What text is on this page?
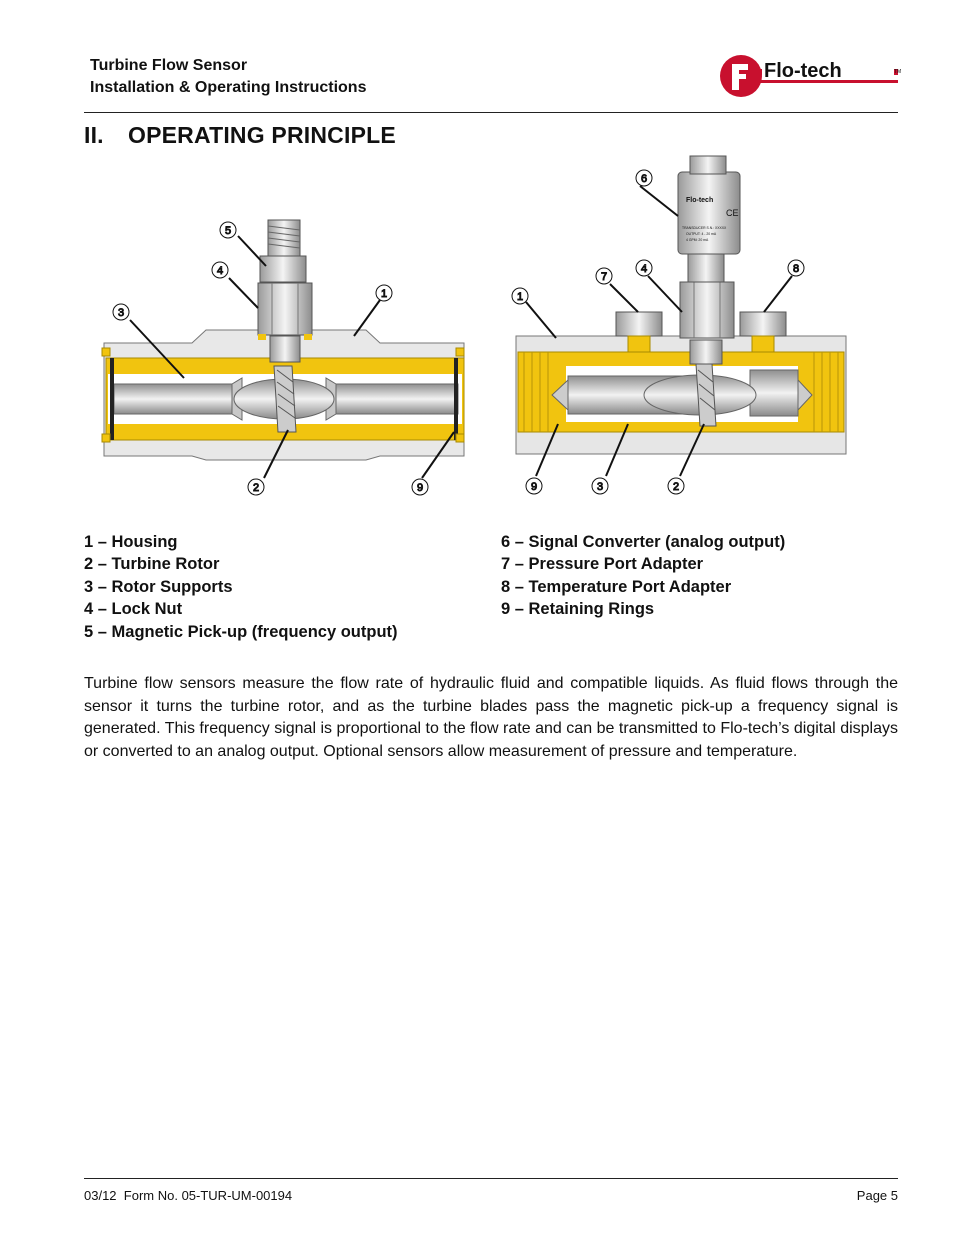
Turbine Flow Sensor
Installation & Operating Instructions
Flo-tech	TM
II. OPERATING PRINCIPLE
5
4
1
3
2	9
Flo-tech
CE
TRANSDUCER S.N.: XXXXX
OUTPUT: 4 - 20 mA
4 GPM: 20 mA
6
7
4	8
1
9	3	2
1 – Housing
2 – Turbine Rotor
3 – Rotor Supports
4 – Lock Nut
5 – Magnetic Pick-up (frequency output)
6 – Signal Converter (analog output)
7 – Pressure Port Adapter
8 – Temperature Port Adapter
9 – Retaining Rings
Turbine flow sensors measure the flow rate of hydraulic fluid and compatible liquids. As fluid flows through the sensor it turns the turbine rotor, and as the turbine blades pass the magnetic pick-up a frequency signal is generated. This frequency signal is proportional to the flow rate and can be transmitted to Flo-tech’s digital displays or converted to an analog output. Optional sensors allow measurement of pressure and temperature.
03/12 Form No. 05-TUR-UM-00194	Page 5
